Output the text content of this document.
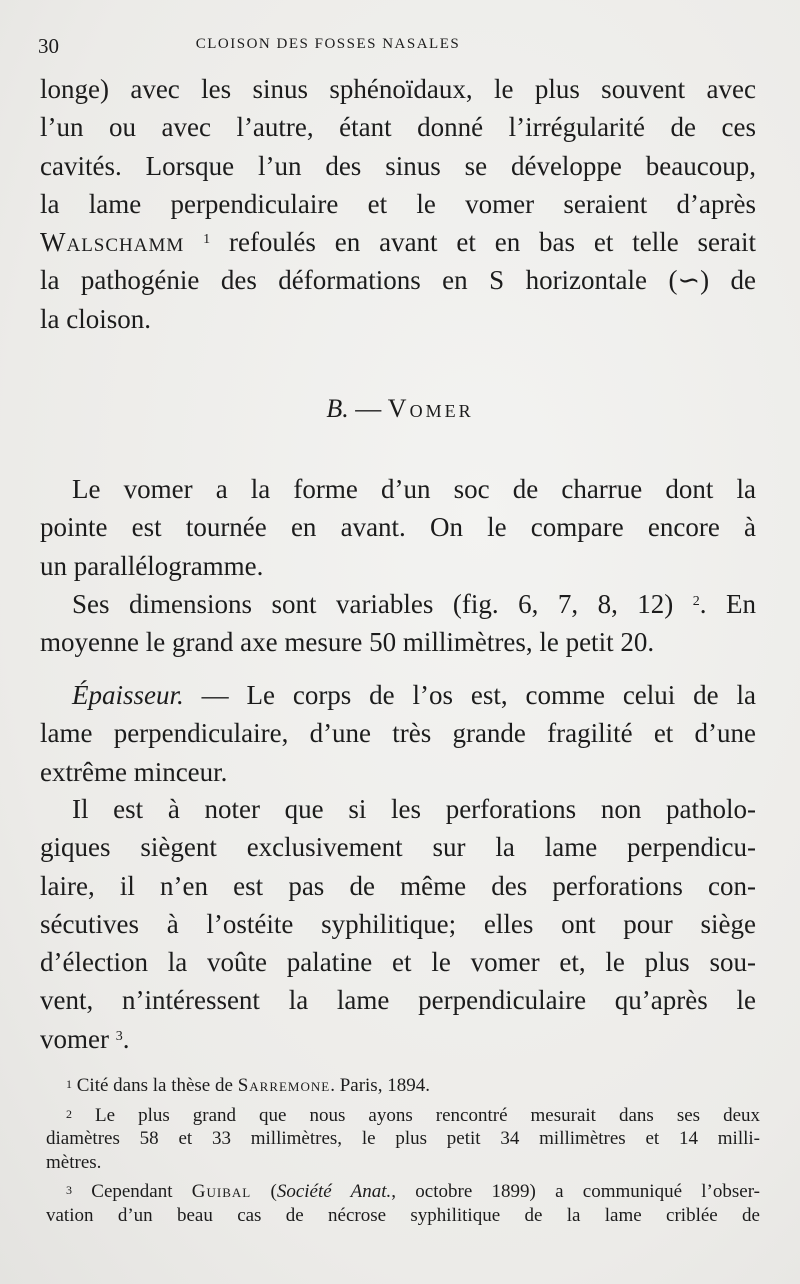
30	CLOISON DES FOSSES NASALES
longe) avec les sinus sphénoïdaux, le plus souvent avec
l’un ou avec l’autre, étant donné l’irrégularité de ces
cavités. Lorsque l’un des sinus se développe beaucoup,
la lame perpendiculaire et le vomer seraient d’après
Walschamm $^1$ refoulés en avant et en bas et telle serait
la pathogénie des déformations en S horizontale (∽) de
la cloison.
B. — Vomer
Le vomer a la forme d’un soc de charrue dont la
pointe est tournée en avant. On le compare encore à
un parallélogramme.
Ses dimensions sont variables (fig. 6, 7, 8, 12) $^2$. En
moyenne le grand axe mesure 50 millimètres, le petit 20.
Épaisseur. — Le corps de l’os est, comme celui de la
lame perpendiculaire, d’une très grande fragilité et d’une
extrême minceur.
Il est à noter que si les perforations non patholo-
giques siègent exclusivement sur la lame perpendicu-
laire, il n’en est pas de même des perforations con-
sécutives à l’ostéite syphilitique; elles ont pour siège
d’élection la voûte palatine et le vomer et, le plus sou-
vent, n’intéressent la lame perpendiculaire qu’après le
vomer $^3$.
$^1$ Cité dans la thèse de Sarremone. Paris, 1894.
$^2$ Le plus grand que nous ayons rencontré mesurait dans ses deux
diamètres 58 et 33 millimètres, le plus petit 34 millimètres et 14 milli-
mètres.
$^3$ Cependant Guibal (Société Anat., octobre 1899) a communiqué l’obser-
vation d’un beau cas de nécrose syphilitique de la lame criblée de
